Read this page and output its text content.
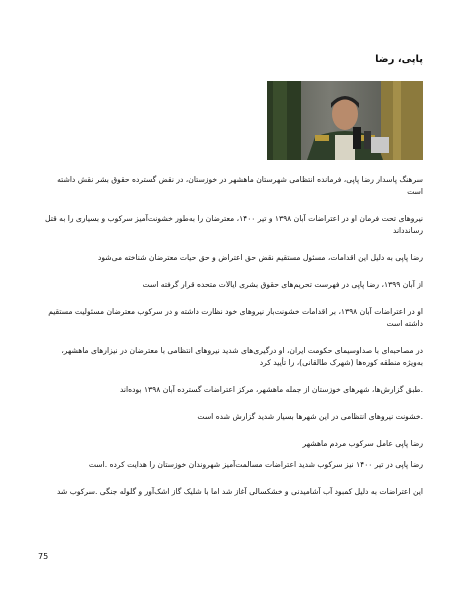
پاپی، رضا

سرهنگ پاسدار رضا پاپی، فرمانده انتظامی شهرستان ماهشهر در خوزستان، در نقض گسترده حقوق بشر نقش داشته است

نیروهای تحت فرمان او در اعتراضات آبان ۱۳۹۸ و تیر ۱۴۰۰، معترضان را به‌طور خشونت‌آمیز سرکوب و بسیاری را به قتل رساندداند

رضا پاپی به دلیل این اقدامات، مسئول مستقیم نقض حق اعتراض و حق حیات معترضان شناخته می‌شود

از آبان ۱۳۹۹، رضا پاپی در فهرست تحریم‌های حقوق بشری ایالات متحده قرار گرفته است

او در اعتراضات آبان ۱۳۹۸، بر اقدامات خشونت‌بار نیروهای خود نظارت داشته و در سرکوب معترضان مسئولیت مستقیم داشته است

در مصاحبه‌ای با صداوسیمای حکومت ایران، او درگیری‌های شدید نیروهای انتظامی با معترضان در نیزارهای ماهشهر، به‌ویژه منطقه کوره‌ها (شهرک طالقانی)، را تأیید کرد

.طبق گزارش‌ها، شهرهای خوزستان از جمله ماهشهر، مرکز اعتراضات گسترده آبان ۱۳۹۸ بوده‌اند

.خشونت نیروهای انتظامی در این شهرها بسیار شدید گزارش شده است

رضا پاپی عامل سرکوب مردم ماهشهر

رضا پاپی در تیر ۱۴۰۰ نیز سرکوب شدید اعتراضات مسالمت‌آمیز شهروندان خوزستان را هدایت کرده .است

این اعتراضات به دلیل کمبود آب آشامیدنی و خشکسالی آغاز شد اما با شلیک گاز اشک‌آور و گلوله جنگی .سرکوب شد

75
